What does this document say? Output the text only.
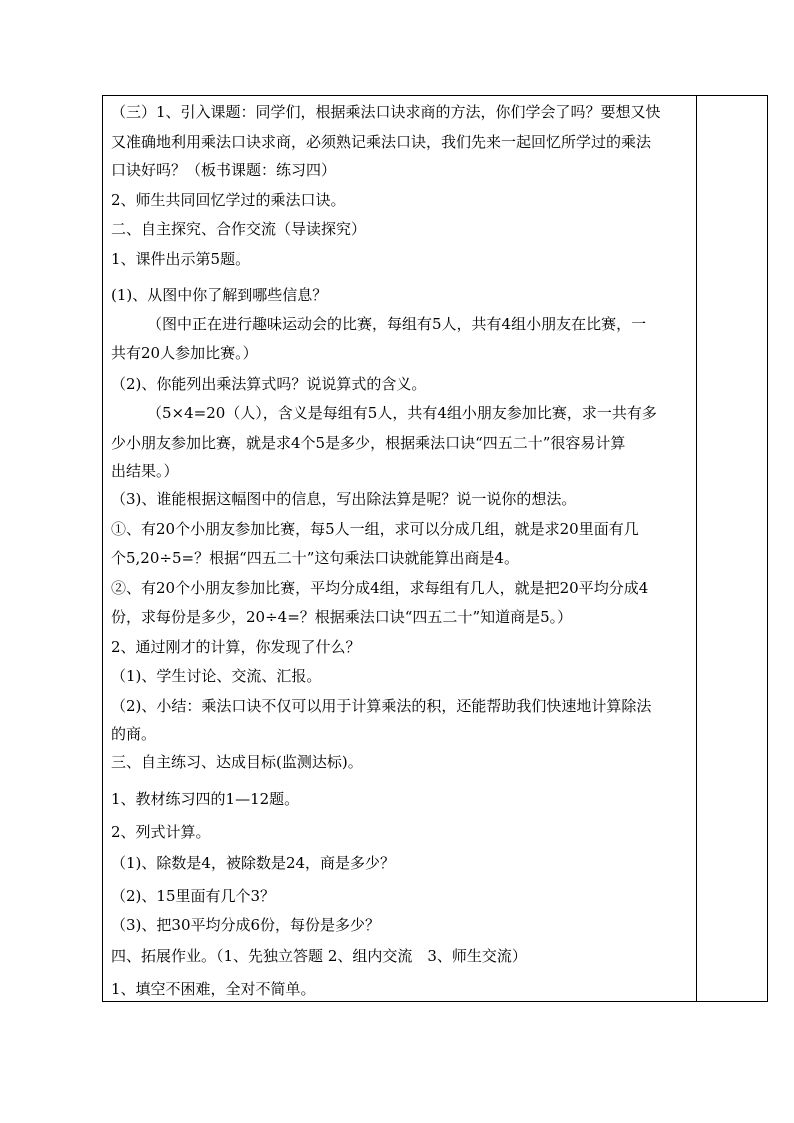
（三）1、引入课题：同学们，根据乘法口诀求商的方法，你们学会了吗？要想又快
又准确地利用乘法口诀求商，必须熟记乘法口诀，我们先来一起回忆所学过的乘法
口诀好吗？（板书课题：练习四）
2、师生共同回忆学过的乘法口诀。
二、自主探究、合作交流（导读探究）
1、课件出示第5题。
(1)、从图中你了解到哪些信息？
（图中正在进行趣味运动会的比赛，每组有5人，共有4组小朋友在比赛，一
共有20人参加比赛。）
（2)、你能列出乘法算式吗？说说算式的含义。
（5×4=20（人），含义是每组有5人，共有4组小朋友参加比赛，求一共有多
少小朋友参加比赛，就是求4个5是多少，根据乘法口诀“四五二十”很容易计算
出结果。）
（3)、谁能根据这幅图中的信息，写出除法算是呢？说一说你的想法。
①、有20个小朋友参加比赛，每5人一组，求可以分成几组，就是求20里面有几
个5,20÷5=？根据“四五二十”这句乘法口诀就能算出商是4。
②、有20个小朋友参加比赛，平均分成4组，求每组有几人，就是把20平均分成4
份，求每份是多少，20÷4=？根据乘法口诀“四五二十”知道商是5。）
2、通过刚才的计算，你发现了什么？
（1)、学生讨论、交流、汇报。
（2)、小结：乘法口诀不仅可以用于计算乘法的积，还能帮助我们快速地计算除法
的商。
三、自主练习、达成目标(监测达标)。
1、教材练习四的1—12题。
2、列式计算。
（1)、除数是4，被除数是24，商是多少？
（2)、15里面有几个3？
（3)、把30平均分成6份，每份是多少？
四、拓展作业。（1、先独立答题 2、组内交流　3、师生交流）
1、填空不困难，全对不简单。
